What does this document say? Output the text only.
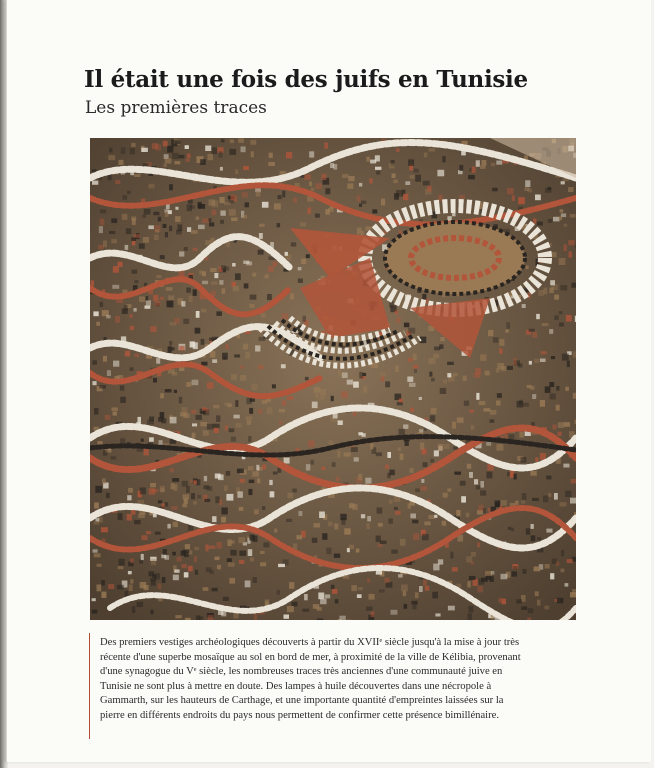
Il était une fois des juifs en Tunisie
Les premières traces
Des premiers vestiges archéologiques découverts à partir du XVIIᵉ siècle jusqu'à la mise à jour très
récente d'une superbe mosaïque au sol en bord de mer, à proximité de la ville de Kélibia, provenant
d'une synagogue du Vᵉ siècle, les nombreuses traces très anciennes d'une communauté juive en
Tunisie ne sont plus à mettre en doute. Des lampes à huile découvertes dans une nécropole à
Gammarth, sur les hauteurs de Carthage, et une importante quantité d'empreintes laissées sur la
pierre en différents endroits du pays nous permettent de confirmer cette présence bimillénaire.
